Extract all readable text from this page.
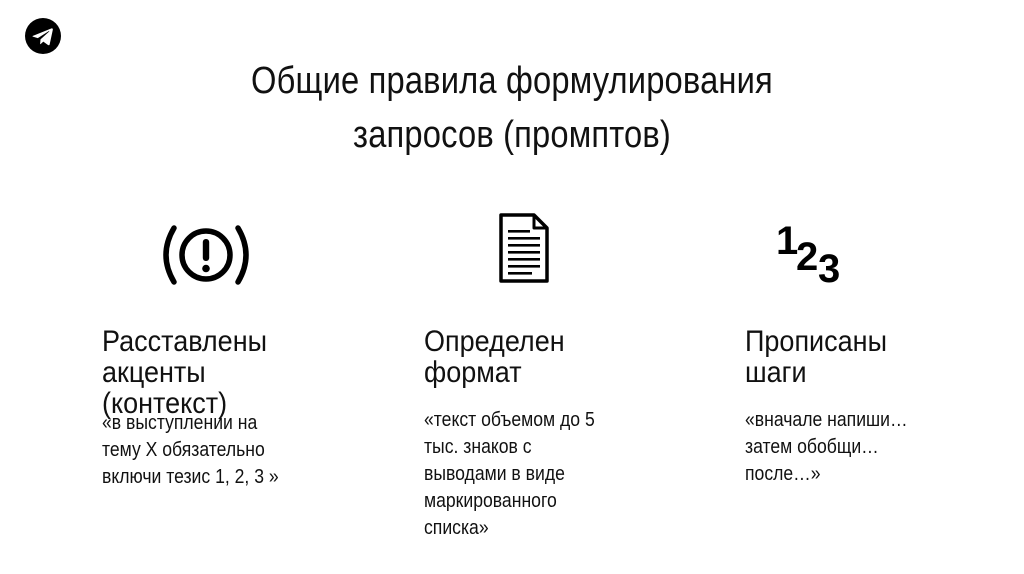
Общие правила формулирования
запросов (промптов)
1
2 3
Расставлены
акценты
(контекст)
«в выступлении на
тему Х обязательно
включи тезис 1, 2, 3 »
Определен
формат
«текст объемом до 5
тыс. знаков с
выводами в виде
маркированного
списка»
Прописаны
шаги
«вначале напиши…
затем обобщи…
после…»
